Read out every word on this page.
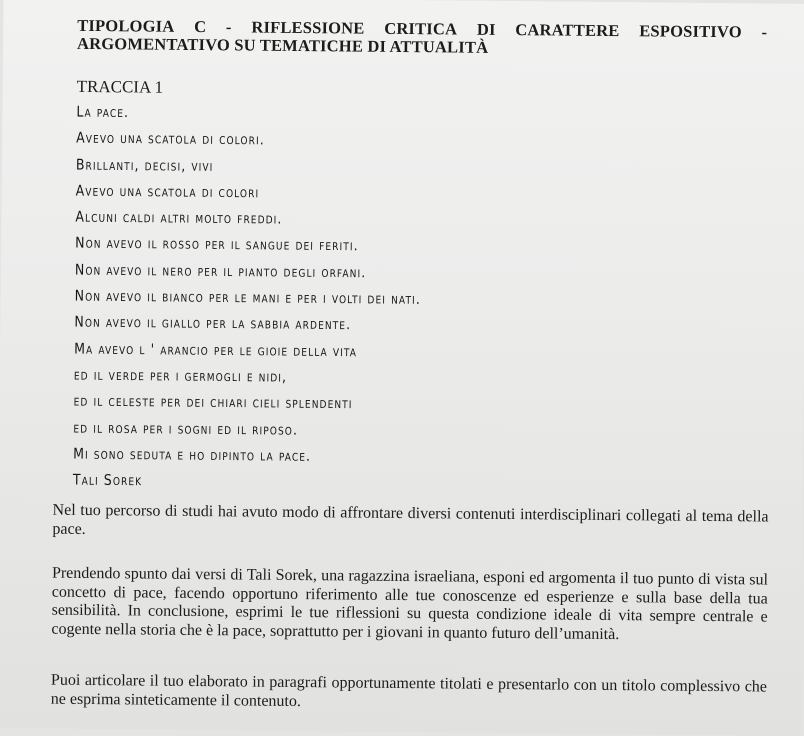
TIPOLOGIA C - RIFLESSIONE CRITICA DI CARATTERE ESPOSITIVO -
ARGOMENTATIVO SU TEMATICHE DI ATTUALITÀ
TRACCIA 1
La pace.
Avevo una scatola di colori.
Brillanti, decisi, vivi
Avevo una scatola di colori
Alcuni caldi altri molto freddi.
Non avevo il rosso per il sangue dei feriti.
Non avevo il nero per il pianto degli orfani.
Non avevo il bianco per le mani e per i volti dei nati.
Non avevo il giallo per la sabbia ardente.
Ma avevo l ' arancio per le gioie della vita
ed il verde per i germogli e nidi,
ed il celeste per dei chiari cieli splendenti
ed il rosa per i sogni ed il riposo.
Mi sono seduta e ho dipinto la pace.
Tali Sorek

Nel tuo percorso di studi hai avuto modo di affrontare diversi contenuti interdisciplinari collegati al tema della pace.

Prendendo spunto dai versi di Tali Sorek, una ragazzina israeliana, esponi ed argomenta il tuo punto di vista sul concetto di pace, facendo opportuno riferimento alle tue conoscenze ed esperienze e sulla base della tua sensibilità. In conclusione, esprimi le tue riflessioni su questa condizione ideale di vita sempre centrale e cogente nella storia che è la pace, soprattutto per i giovani in quanto futuro dell’umanità.

Puoi articolare il tuo elaborato in paragrafi opportunamente titolati e presentarlo con un titolo complessivo che ne esprima sinteticamente il contenuto.
